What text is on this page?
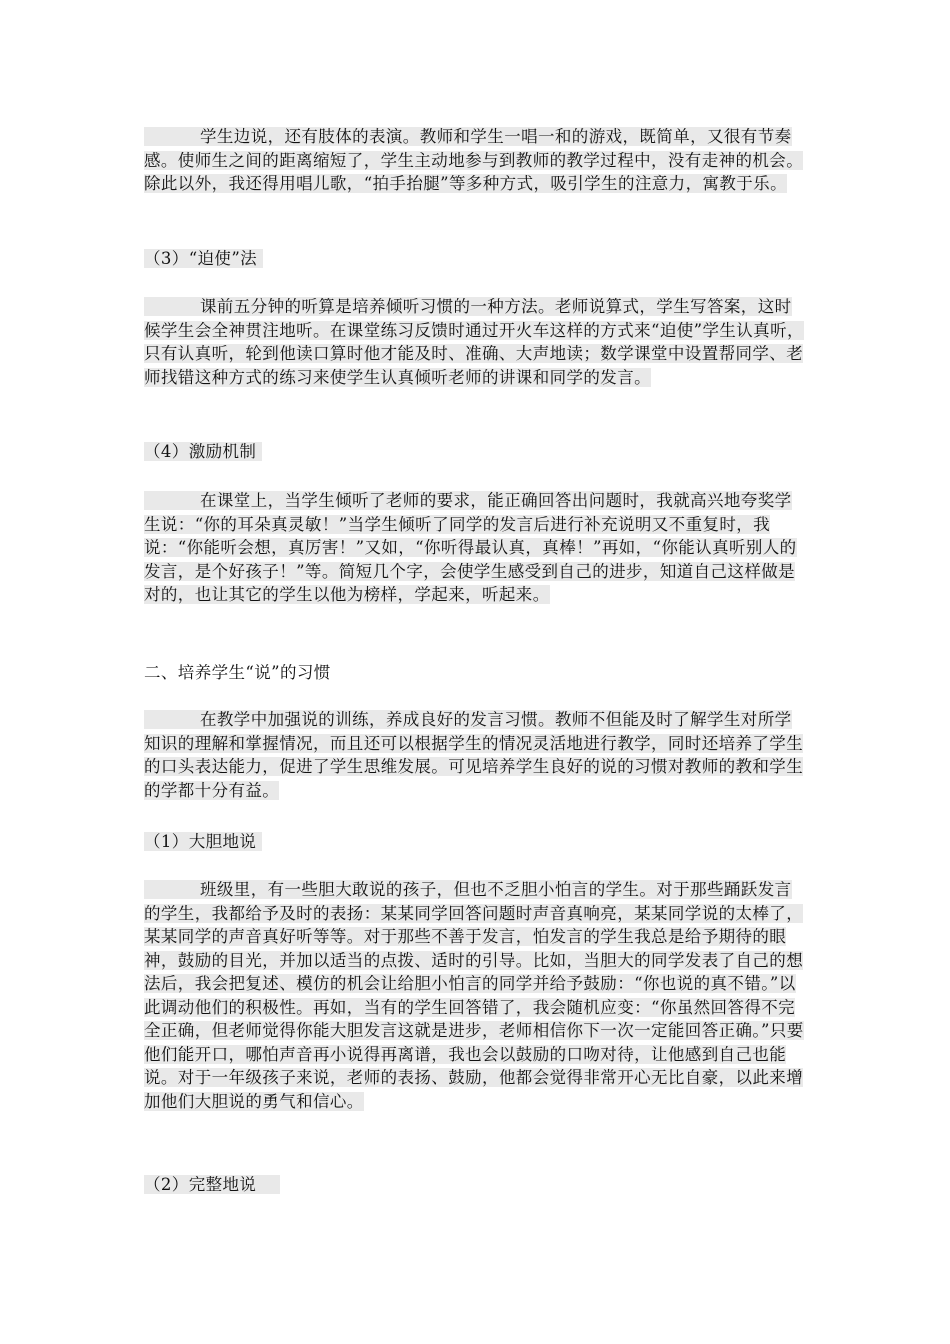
学生边说，还有肢体的表演。教师和学生一唱一和的游戏，既简单，又很有节奏感。使师生之间的距离缩短了，学生主动地参与到教师的教学过程中，没有走神的机会。除此以外，我还得用唱儿歌，“拍手抬腿”等多种方式，吸引学生的注意力，寓教于乐。

（3）“迫使”法

课前五分钟的听算是培养倾听习惯的一种方法。老师说算式，学生写答案，这时候学生会全神贯注地听。在课堂练习反馈时通过开火车这样的方式来“迫使”学生认真听，只有认真听，轮到他读口算时他才能及时、准确、大声地读；数学课堂中设置帮同学、老师找错这种方式的练习来使学生认真倾听老师的讲课和同学的发言。

（4）激励机制

在课堂上，当学生倾听了老师的要求，能正确回答出问题时，我就高兴地夸奖学生说：“你的耳朵真灵敏！”当学生倾听了同学的发言后进行补充说明又不重复时，我说：“你能听会想，真厉害！”又如，“你听得最认真，真棒！”再如，“你能认真听别人的发言，是个好孩子！”等。简短几个字，会使学生感受到自己的进步，知道自己这样做是对的，也让其它的学生以他为榜样，学起来，听起来。

二、培养学生“说”的习惯

在教学中加强说的训练，养成良好的发言习惯。教师不但能及时了解学生对所学知识的理解和掌握情况，而且还可以根据学生的情况灵活地进行教学，同时还培养了学生的口头表达能力，促进了学生思维发展。可见培养学生良好的说的习惯对教师的教和学生的学都十分有益。

（1）大胆地说

班级里，有一些胆大敢说的孩子，但也不乏胆小怕言的学生。对于那些踊跃发言的学生，我都给予及时的表扬：某某同学回答问题时声音真响亮，某某同学说的太棒了，某某同学的声音真好听等等。对于那些不善于发言，怕发言的学生我总是给予期待的眼神，鼓励的目光，并加以适当的点拨、适时的引导。比如，当胆大的同学发表了自己的想法后，我会把复述、模仿的机会让给胆小怕言的同学并给予鼓励：“你也说的真不错。”以此调动他们的积极性。再如，当有的学生回答错了，我会随机应变：“你虽然回答得不完全正确，但老师觉得你能大胆发言这就是进步，老师相信你下一次一定能回答正确。”只要他们能开口，哪怕声音再小说得再离谱，我也会以鼓励的口吻对待，让他感到自己也能说。对于一年级孩子来说，老师的表扬、鼓励，他都会觉得非常开心无比自豪，以此来增加他们大胆说的勇气和信心。

（2）完整地说
